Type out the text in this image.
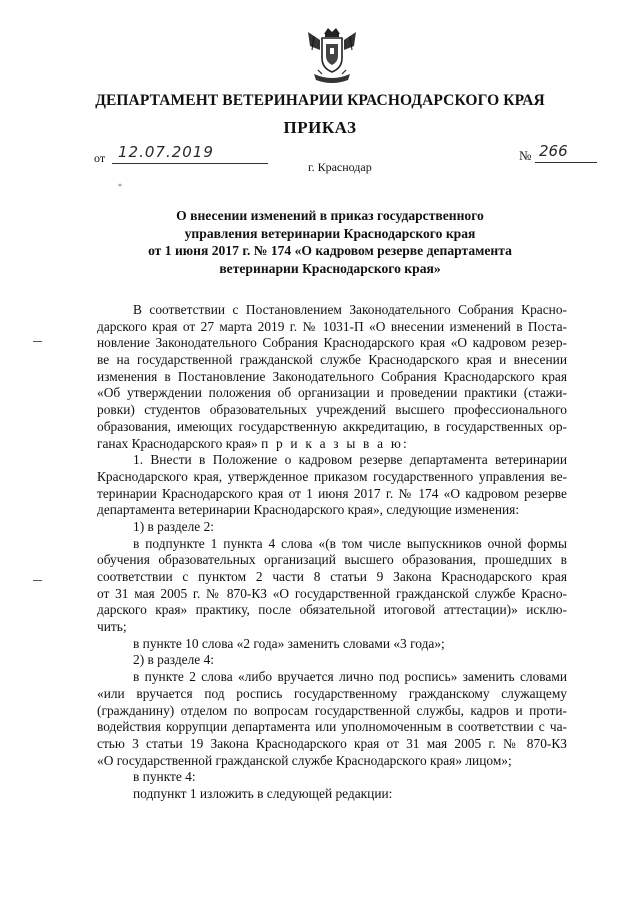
ДЕПАРТАМЕНТ ВЕТЕРИНАРИИ КРАСНОДАРСКОГО КРАЯ
ПРИКАЗ
от 12.07.2019	№ 266
г. Краснодар
*
О внесении изменений в приказ государственного
управления ветеринарии Краснодарского края
от 1 июня 2017 г. № 174 «О кадровом резерве департамента
ветеринарии Краснодарского края»
В соответствии с Постановлением Законодательного Собрания Красно-
дарского края от 27 марта 2019 г. № 1031-П «О внесении изменений в Поста-
новление Законодательного Собрания Краснодарского края «О кадровом резер-
ве на государственной гражданской службе Краснодарского края и внесении
изменения в Постановление Законодательного Собрания Краснодарского края
«Об утверждении положения об организации и проведении практики (стажи-
ровки) студентов образовательных учреждений высшего профессионального
образования, имеющих государственную аккредитацию, в государственных ор-
ганах Краснодарского края» п р и к а з ы в а ю:
1. Внести в Положение о кадровом резерве департамента ветеринарии
Краснодарского края, утвержденное приказом государственного управления ве-
теринарии Краснодарского края от 1 июня 2017 г. № 174 «О кадровом резерве
департамента ветеринарии Краснодарского края», следующие изменения:
1) в разделе 2:
в подпункте 1 пункта 4 слова «(в том числе выпускников очной формы
обучения образовательных организаций высшего образования, прошедших в
соответствии с пунктом 2 части 8 статьи 9 Закона Краснодарского края
от 31 мая 2005 г. № 870-КЗ «О государственной гражданской службе Красно-
дарского края» практику, после обязательной итоговой аттестации)» исклю-
чить;
в пункте 10 слова «2 года» заменить словами «3 года»;
2) в разделе 4:
в пункте 2 слова «либо вручается лично под роспись» заменить словами
«или вручается под роспись государственному гражданскому служащему
(гражданину) отделом по вопросам государственной службы, кадров и проти-
водействия коррупции департамента или уполномоченным в соответствии с ча-
стью 3 статьи 19 Закона Краснодарского края от 31 мая 2005 г. № 870-КЗ
«О государственной гражданской службе Краснодарского края» лицом»;
в пункте 4:
подпункт 1 изложить в следующей редакции:
